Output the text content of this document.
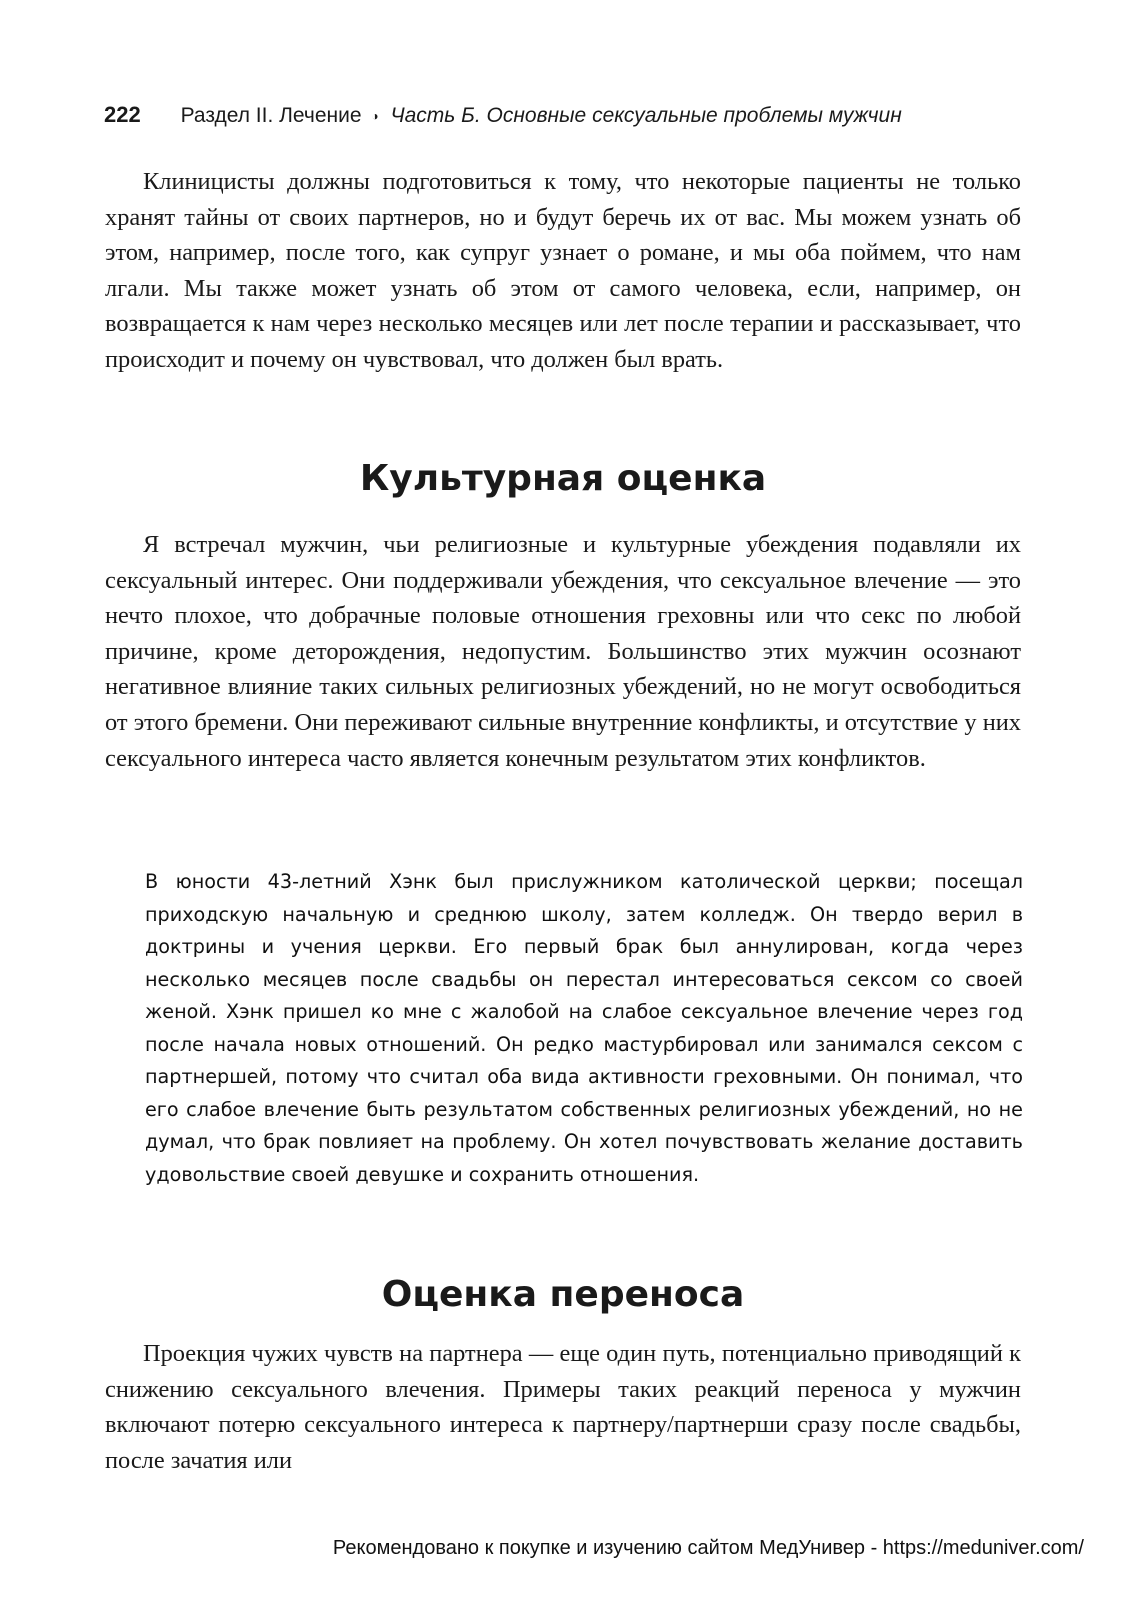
222 Раздел II. Лечение ◑ Часть Б. Основные сексуальные проблемы мужчин

Клиницисты должны подготовиться к тому, что некоторые пациенты не только хранят тайны от своих партнеров, но и будут беречь их от вас. Мы можем узнать об этом, например, после того, как супруг узнает о романе, и мы оба поймем, что нам лгали. Мы также может узнать об этом от самого человека, если, например, он возвращается к нам через несколько месяцев или лет после терапии и рассказывает, что происходит и почему он чувствовал, что должен был врать.

Культурная оценка

Я встречал мужчин, чьи религиозные и культурные убеждения подавляли их сексуальный интерес. Они поддерживали убеждения, что сексуальное влечение — это нечто плохое, что добрачные половые отношения греховны или что секс по любой причине, кроме деторождения, недопустим. Большинство этих мужчин осознают негативное влияние таких сильных религиозных убеждений, но не могут освободиться от этого бремени. Они переживают сильные внутренние конфликты, и отсутствие у них сексуального интереса часто является конечным результатом этих конфликтов.

В юности 43-летний Хэнк был прислужником католической церкви; посещал приходскую начальную и среднюю школу, затем колледж. Он твердо верил в доктрины и учения церкви. Его первый брак был аннулирован, когда через несколько месяцев после свадьбы он перестал интересоваться сексом со своей женой. Хэнк пришел ко мне с жалобой на слабое сексуальное влечение через год после начала новых отношений. Он редко мастурбировал или занимался сексом с партнершей, потому что считал оба вида активности греховными. Он понимал, что его слабое влечение быть результатом собственных религиозных убеждений, но не думал, что брак повлияет на проблему. Он хотел почувствовать желание доставить удовольствие своей девушке и сохранить отношения.

Оценка переноса

Проекция чужих чувств на партнера — еще один путь, потенциально приводящий к снижению сексуального влечения. Примеры таких реакций переноса у мужчин включают потерю сексуального интереса к партнеру/партнерши сразу после свадьбы, после зачатия или

Рекомендовано к покупке и изучению сайтом МедУнивер - https://meduniver.com/
